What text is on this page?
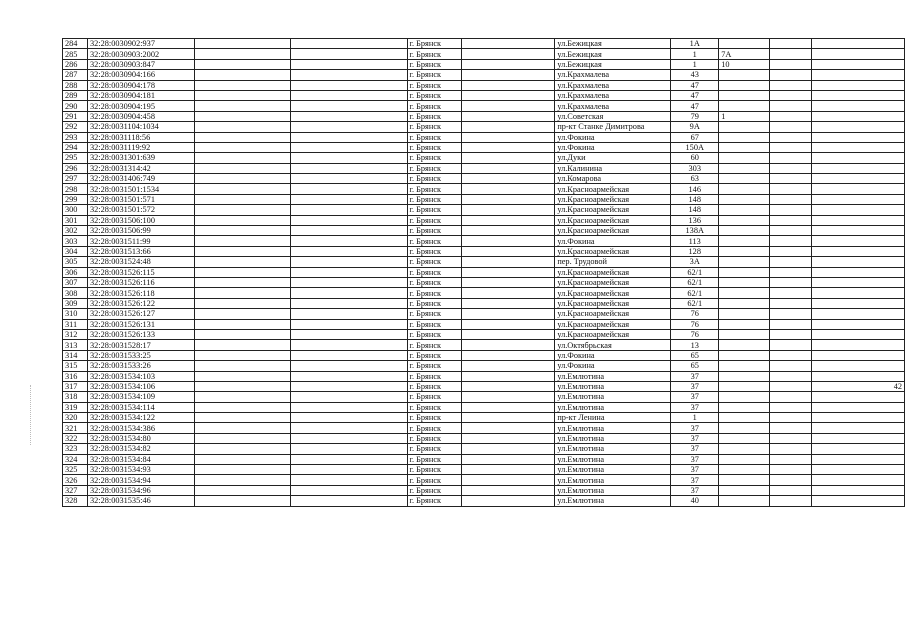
284	32:28:0030902:937			г. Брянск		ул.Бежицкая	1А			
285	32:28:0030903:2002			г. Брянск		ул.Бежицкая	1	7А		
286	32:28:0030903:847			г. Брянск		ул.Бежицкая	1	10		
287	32:28:0030904:166			г. Брянск		ул.Крахмалева	43			
288	32:28:0030904:178			г. Брянск		ул.Крахмалева	47			
289	32:28:0030904:181			г. Брянск		ул.Крахмалева	47			
290	32:28:0030904:195			г. Брянск		ул.Крахмалева	47			
291	32:28:0030904:458			г. Брянск		ул.Советская	79	1		
292	32:28:0031104:1034			г. Брянск		пр-кт Станке Димитрова	9А			
293	32:28:0031118:56			г. Брянск		ул.Фокина	67			
294	32:28:0031119:92			г. Брянск		ул.Фокина	150А			
295	32:28:0031301:639			г. Брянск		ул.Дуки	60			
296	32:28:0031314:42			г. Брянск		ул.Калинина	303			
297	32:28:0031406:749			г. Брянск		ул.Комарова	63			
298	32:28:0031501:1534			г. Брянск		ул.Красноармейская	146			
299	32:28:0031501:571			г. Брянск		ул.Красноармейская	148			
300	32:28:0031501:572			г. Брянск		ул.Красноармейская	148			
301	32:28:0031506:100			г. Брянск		ул.Красноармейская	136			
302	32:28:0031506:99			г. Брянск		ул.Красноармейская	138А			
303	32:28:0031511:99			г. Брянск		ул.Фокина	113			
304	32:28:0031513:66			г. Брянск		ул.Красноармейская	128			
305	32:28:0031524:48			г. Брянск		пер. Трудовой	3А			
306	32:28:0031526:115			г. Брянск		ул.Красноармейская	62/1			
307	32:28:0031526:116			г. Брянск		ул.Красноармейская	62/1			
308	32:28:0031526:118			г. Брянск		ул.Красноармейская	62/1			
309	32:28:0031526:122			г. Брянск		ул.Красноармейская	62/1			
310	32:28:0031526:127			г. Брянск		ул.Красноармейская	76			
311	32:28:0031526:131			г. Брянск		ул.Красноармейская	76			
312	32:28:0031526:133			г. Брянск		ул.Красноармейская	76			
313	32:28:0031528:17			г. Брянск		ул.Октябрьская	13			
314	32:28:0031533:25			г. Брянск		ул.Фокина	65			
315	32:28:0031533:26			г. Брянск		ул.Фокина	65			
316	32:28:0031534:103			г. Брянск		ул.Емлютина	37			
317	32:28:0031534:106			г. Брянск		ул.Емлютина	37			42
318	32:28:0031534:109			г. Брянск		ул.Емлютина	37			
319	32:28:0031534:114			г. Брянск		ул.Емлютина	37			
320	32:28:0031534:122			г. Брянск		пр-кт Ленина	1			
321	32:28:0031534:386			г. Брянск		ул.Емлютина	37			
322	32:28:0031534:80			г. Брянск		ул.Емлютина	37			
323	32:28:0031534:82			г. Брянск		ул.Емлютина	37			
324	32:28:0031534:84			г. Брянск		ул.Емлютина	37			
325	32:28:0031534:93			г. Брянск		ул.Емлютина	37			
326	32:28:0031534:94			г. Брянск		ул.Емлютина	37			
327	32:28:0031534:96			г. Брянск		ул.Емлютина	37			
328	32:28:0031535:46			г. Брянск		ул.Емлютина	40			
